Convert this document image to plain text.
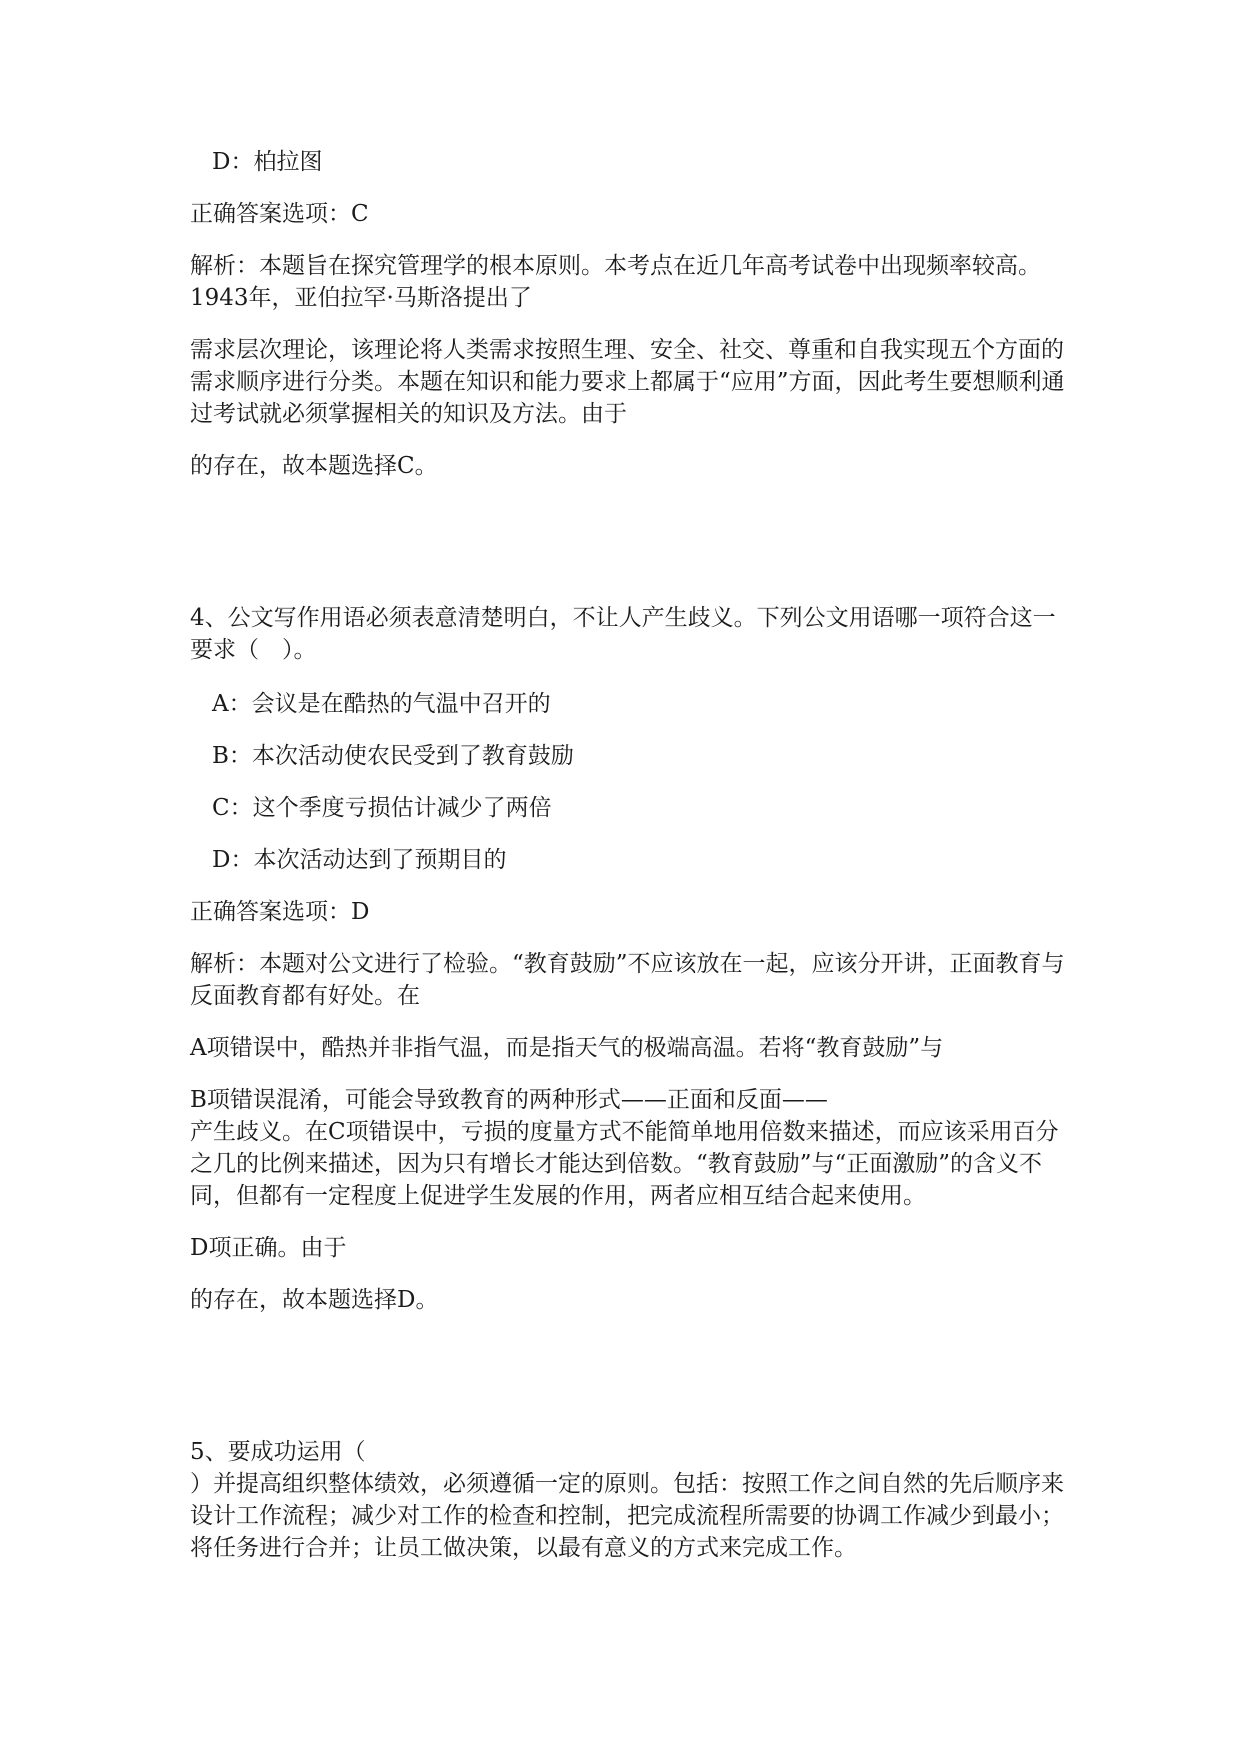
D：柏拉图

正确答案选项：C

解析：本题旨在探究管理学的根本原则。本考点在近几年高考试卷中出现频率较高。1943年，亚伯拉罕·马斯洛提出了

需求层次理论，该理论将人类需求按照生理、安全、社交、尊重和自我实现五个方面的需求顺序进行分类。本题在知识和能力要求上都属于“应用”方面，因此考生要想顺利通过考试就必须掌握相关的知识及方法。由于

的存在，故本题选择C。

4、公文写作用语必须表意清楚明白，不让人产生歧义。下列公文用语哪一项符合这一要求（　）。

A：会议是在酷热的气温中召开的

B：本次活动使农民受到了教育鼓励

C：这个季度亏损估计减少了两倍

D：本次活动达到了预期目的

正确答案选项：D

解析：本题对公文进行了检验。“教育鼓励”不应该放在一起，应该分开讲，正面教育与反面教育都有好处。在

A项错误中，酷热并非指气温，而是指天气的极端高温。若将“教育鼓励”与

B项错误混淆，可能会导致教育的两种形式——正面和反面——

产生歧义。在C项错误中，亏损的度量方式不能简单地用倍数来描述，而应该采用百分之几的比例来描述，因为只有增长才能达到倍数。“教育鼓励”与“正面激励”的含义不同，但都有一定程度上促进学生发展的作用，两者应相互结合起来使用。

D项正确。由于

的存在，故本题选择D。

5、要成功运用（

）并提高组织整体绩效，必须遵循一定的原则。包括：按照工作之间自然的先后顺序来设计工作流程；减少对工作的检查和控制，把完成流程所需要的协调工作减少到最小；将任务进行合并；让员工做决策，以最有意义的方式来完成工作。
